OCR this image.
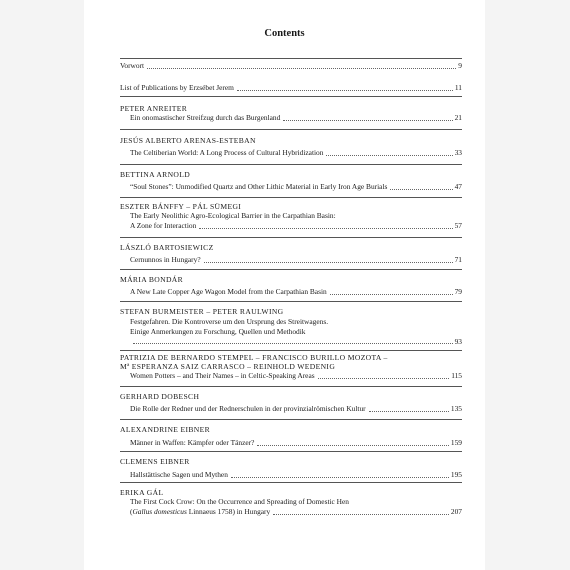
Contents
Vorwort	9
List of Publications by Erzsébet Jerem	11
PETER ANREITER
Ein onomastischer Streifzug durch das Burgenland	21
JESÚS ALBERTO ARENAS-ESTEBAN
The Celtiberian World: A Long Process of Cultural Hybridization	33
BETTINA ARNOLD
“Soul Stones”: Unmodified Quartz and Other Lithic Material in Early Iron Age Burials	47
ESZTER BÁNFFY – PÁL SÜMEGI
The Early Neolithic Agro-Ecological Barrier in the Carpathian Basin:
A Zone for Interaction	57
LÁSZLÓ BARTOSIEWICZ
Cernunnos in Hungary?	71
MÁRIA BONDÁR
A New Late Copper Age Wagon Model from the Carpathian Basin	79
STEFAN BURMEISTER – PETER RAULWING
Festgefahren. Die Kontroverse um den Ursprung des Streitwagens.
Einige Anmerkungen zu Forschung, Quellen und Methodik
93
PATRIZIA DE BERNARDO STEMPEL – FRANCISCO BURILLO MOZOTA –
Mª ESPERANZA SAIZ CARRASCO – REINHOLD WEDENIG
Women Potters – and Their Names – in Celtic-Speaking Areas	115
GERHARD DOBESCH
Die Rolle der Redner und der Rednerschulen in der provinzialrömischen Kultur	135
ALEXANDRINE EIBNER
Männer in Waffen: Kämpfer oder Tänzer?	159
CLEMENS EIBNER
Hallstättische Sagen und Mythen	195
ERIKA GÁL
The First Cock Crow: On the Occurrence and Spreading of Domestic Hen
(Gallus domesticus Linnaeus 1758) in Hungary	207
